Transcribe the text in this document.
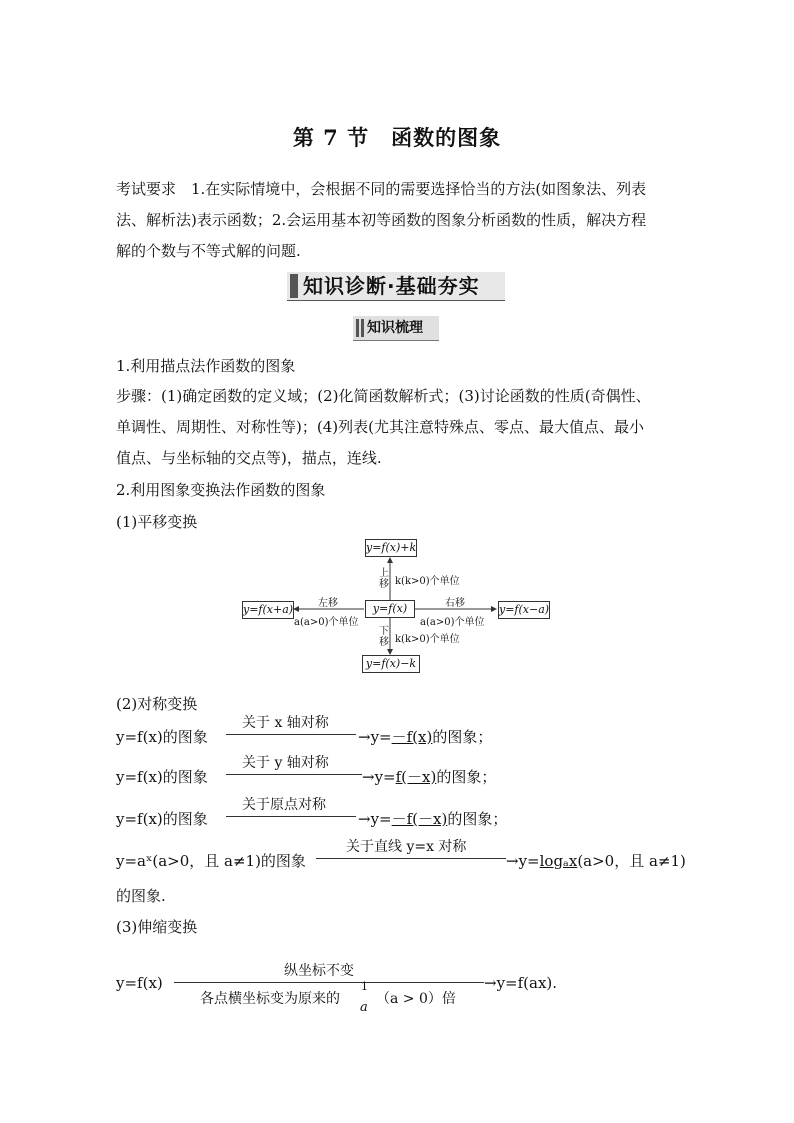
第 7 节　函数的图象
考试要求　1.在实际情境中，会根据不同的需要选择恰当的方法(如图象法、列表
法、解析法)表示函数；2.会运用基本初等函数的图象分析函数的性质，解决方程
解的个数与不等式解的问题.
知识诊断·基础夯实
知识梳理
1.利用描点法作函数的图象
步骤：(1)确定函数的定义域；(2)化简函数解析式；(3)讨论函数的性质(奇偶性、
单调性、周期性、对称性等)；(4)列表(尤其注意特殊点、零点、最大值点、最小
值点、与坐标轴的交点等)，描点，连线.
2.利用图象变换法作函数的图象
(1)平移变换
y=f(x)+k
y=f(x)
y=f(x+a)	y=f(x−a)
y=f(x)−k
上 移 k(k>0)个单位
下 移 k(k>0)个单位
左移
a(a>0)个单位
右移
a(a>0)个单位
(2)对称变换
y=f(x)的图象
关于 x 轴对称
→y=－f(x)的图象；
y=f(x)的图象
关于 y 轴对称
→y=f(－x)的图象；
y=f(x)的图象
关于原点对称
→y=－f(－x)的图象；
y=aˣ(a>0，且 a≠1)的图象
关于直线 y=x 对称
→y=logₐx(a>0，且 a≠1)
的图象.
(3)伸缩变换
y=f(x)
纵坐标不变
各点横坐标变为原来的
1
a
（a > 0）倍
→y=f(ax).
